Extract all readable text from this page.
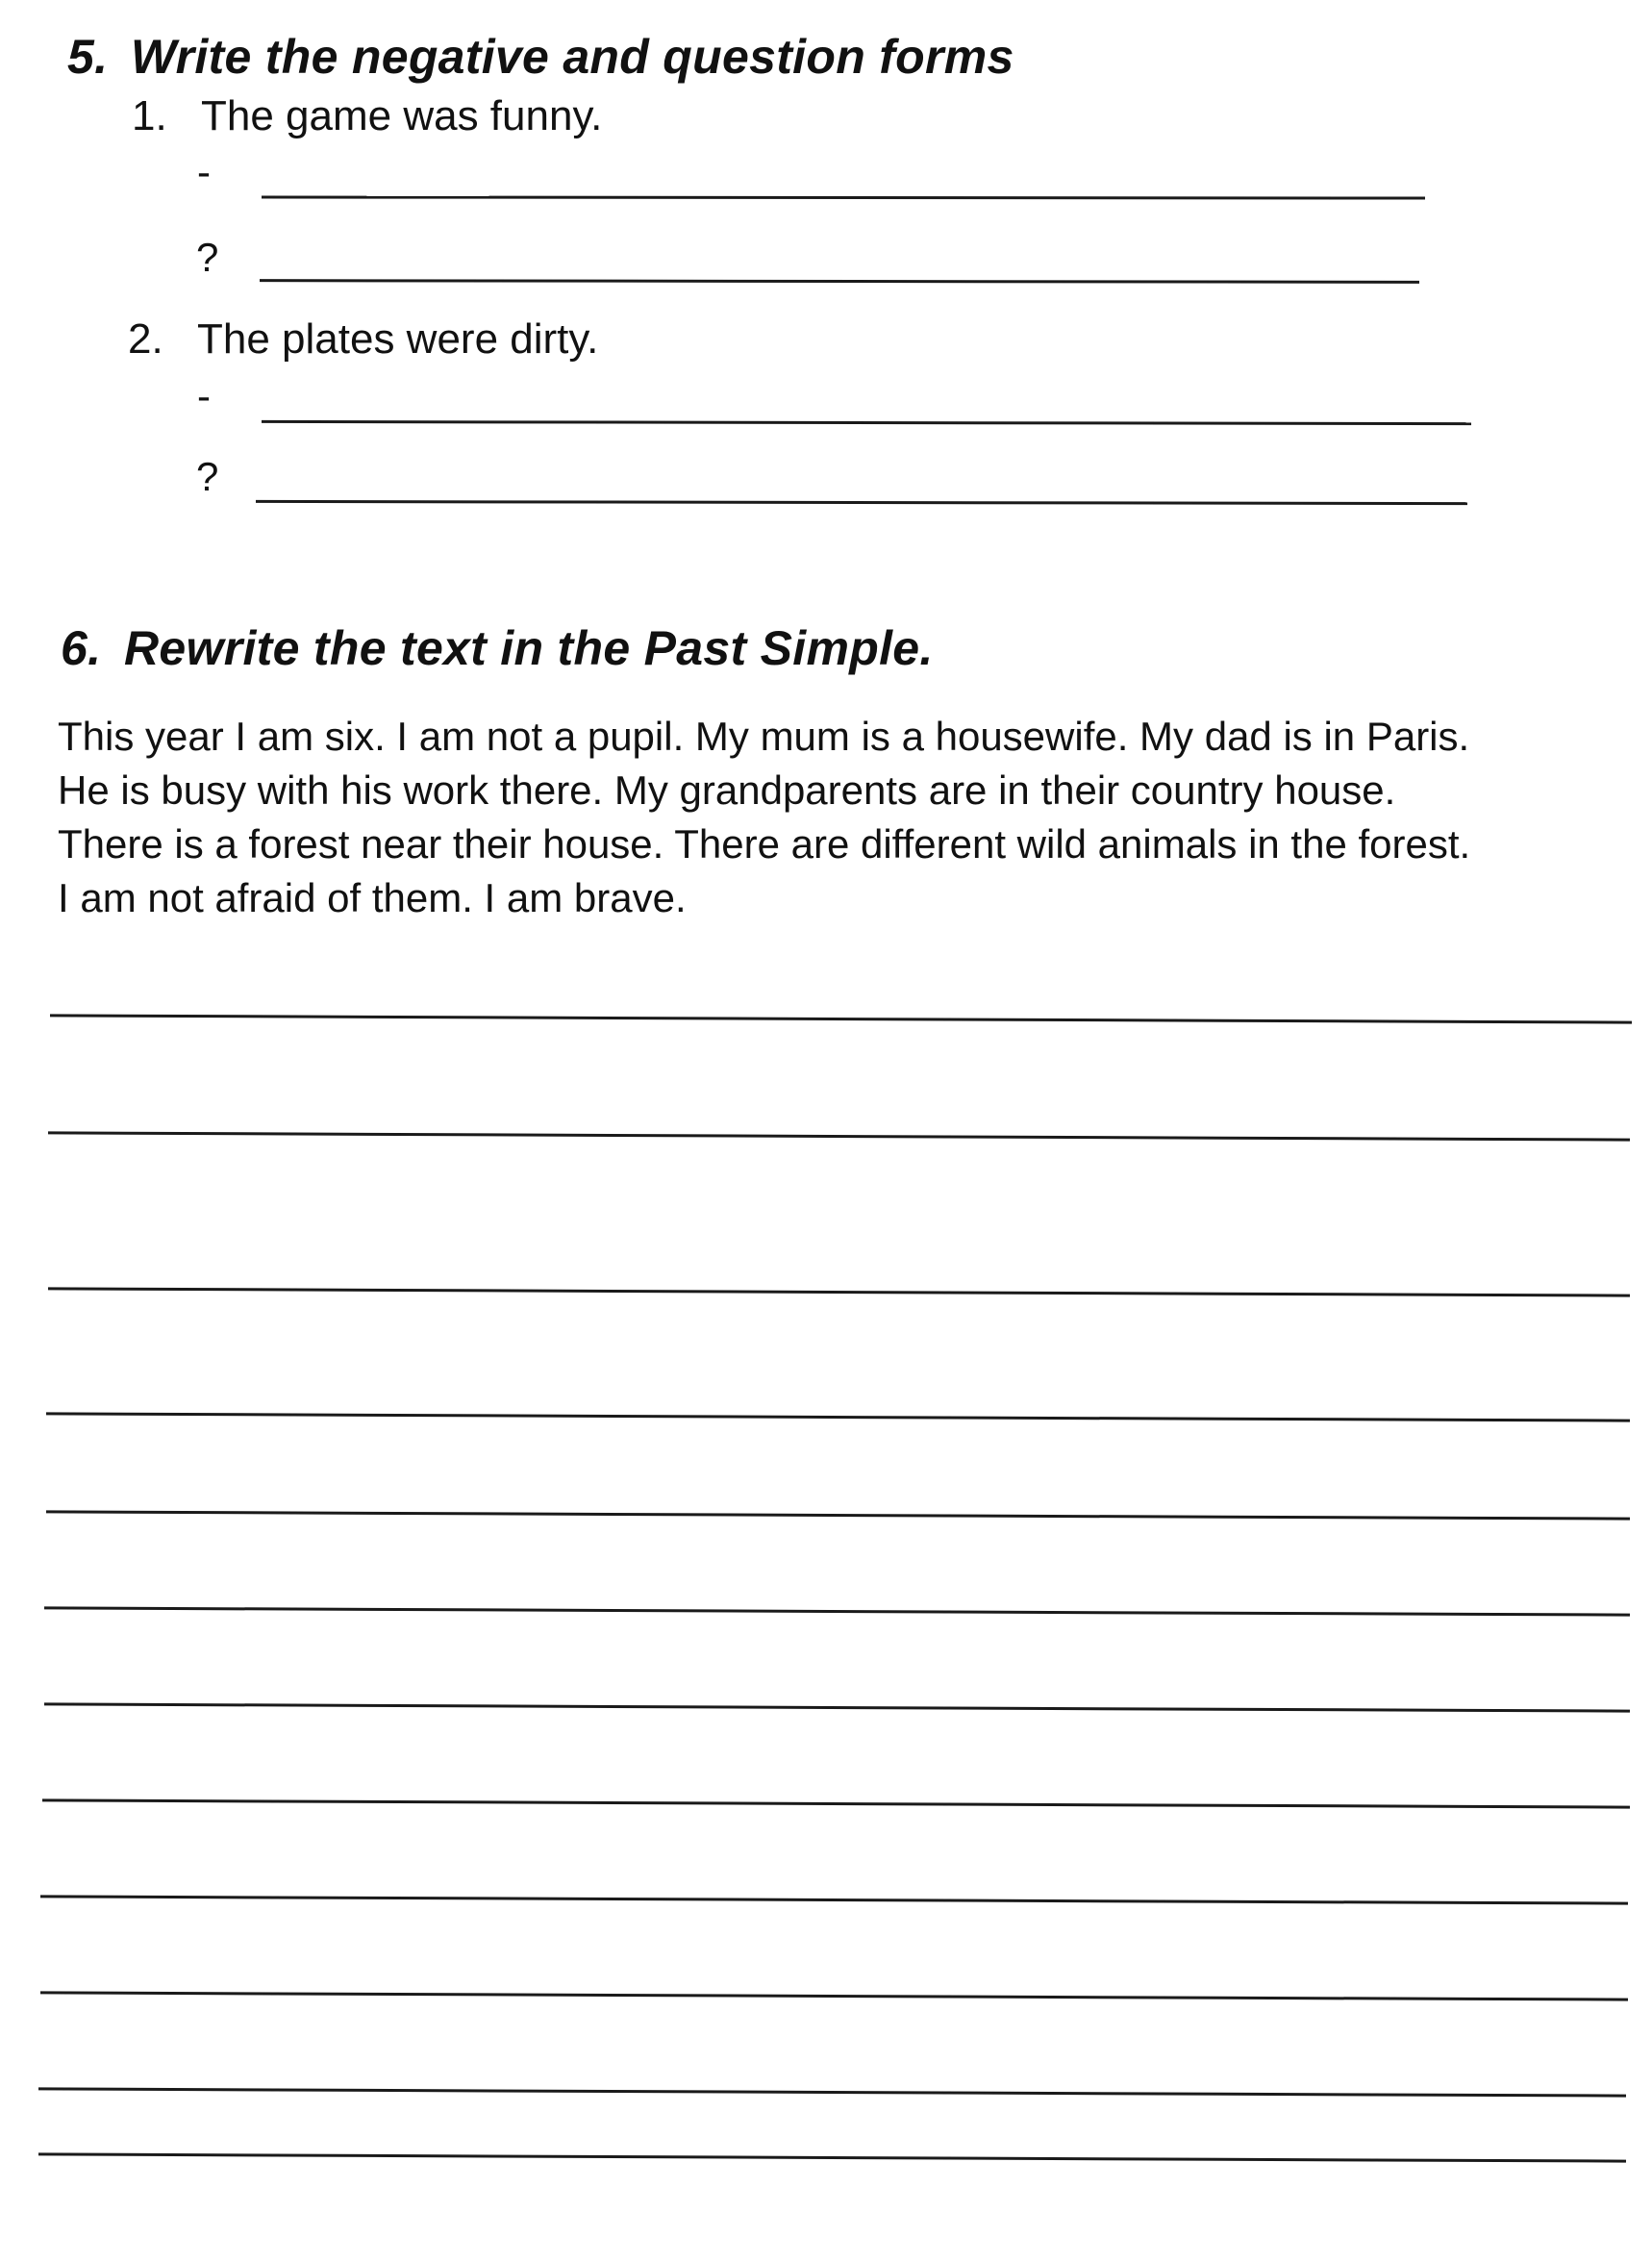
5. Write the negative and question forms
1. The game was funny.
-
?
2. The plates were dirty.
-
?
6. Rewrite the text in the Past Simple.

This year I am six. I am not a pupil. My mum is a housewife. My dad is in Paris.

He is busy with his work there. My grandparents are in their country house.

There is a forest near their house. There are different wild animals in the forest.

I am not afraid of them. I am brave.
